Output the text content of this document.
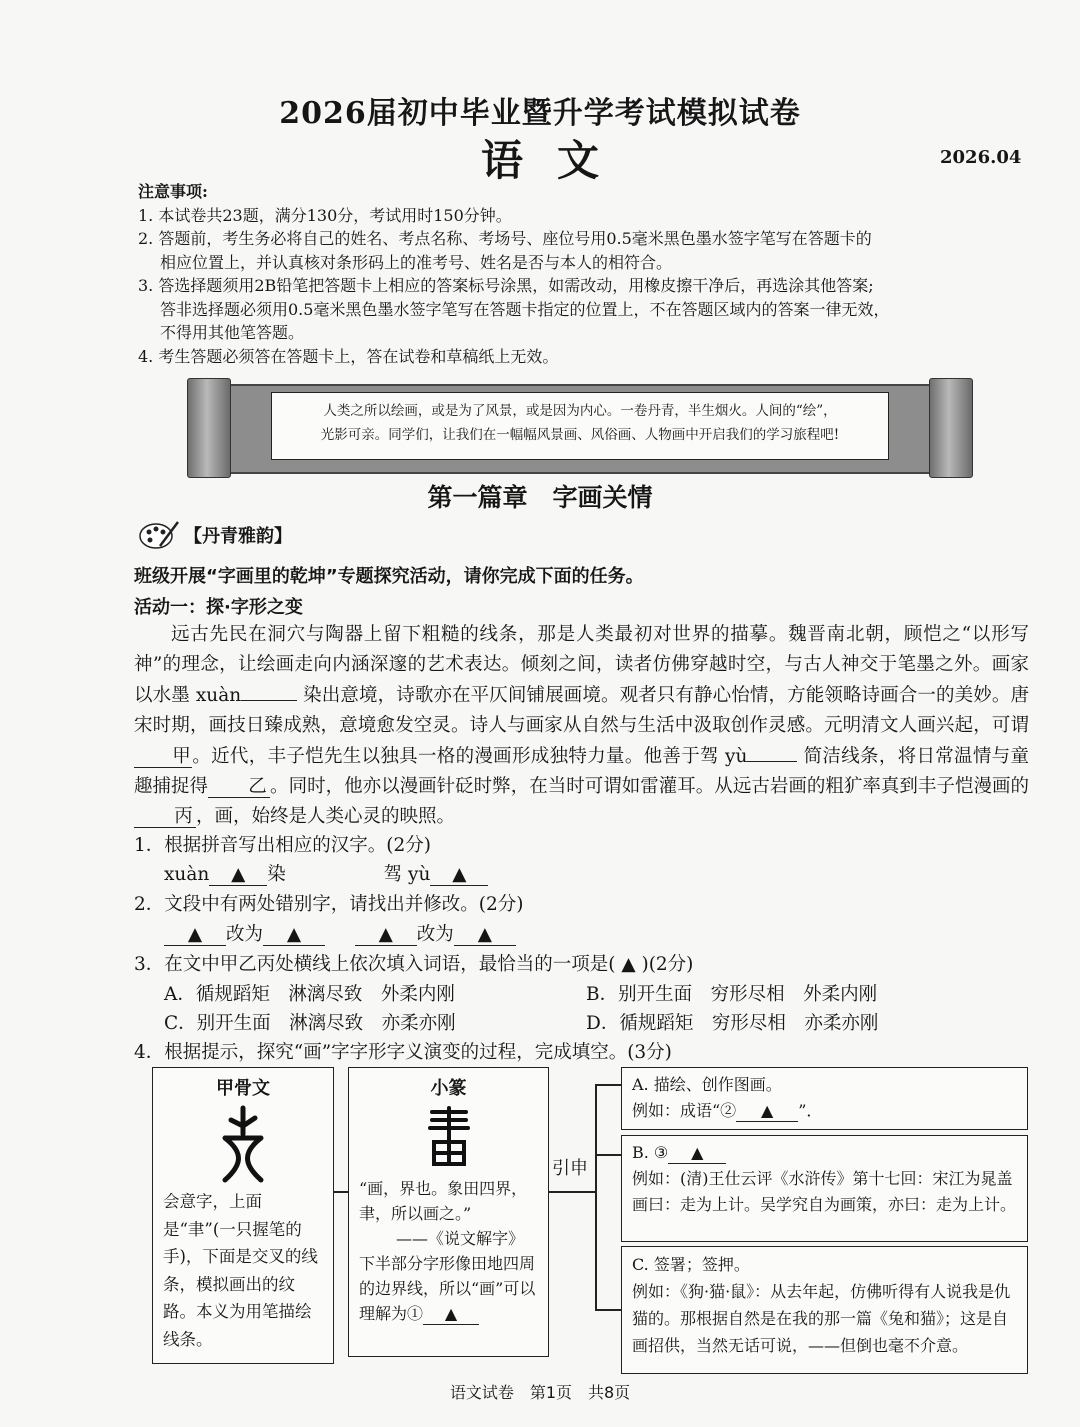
2026届初中毕业暨升学考试模拟试卷
语文	2026.04
注意事项:
1. 本试卷共23题，满分130分，考试用时150分钟。
2. 答题前，考生务必将自己的姓名、考点名称、考场号、座位号用0.5毫米黑色墨水签字笔写在答题卡的
相应位置上，并认真核对条形码上的准考号、姓名是否与本人的相符合。
3. 答选择题须用2B铅笔把答题卡上相应的答案标号涂黑，如需改动，用橡皮擦干净后，再选涂其他答案;
答非选择题必须用0.5毫米黑色墨水签字笔写在答题卡指定的位置上，不在答题区域内的答案一律无效，
不得用其他笔答题。
4. 考生答题必须答在答题卡上，答在试卷和草稿纸上无效。
人类之所以绘画，或是为了风景，或是因为内心。一卷丹青，半生烟火。人间的“绘”，
光影可亲。同学们，让我们在一幅幅风景画、风俗画、人物画中开启我们的学习旅程吧!
第一篇章　字画关情
【丹青雅韵】
班级开展“字画里的乾坤”专题探究活动，请你完成下面的任务。
活动一：探·字形之变

远古先民在洞穴与陶器上留下粗糙的线条，那是人类最初对世界的描摹。魏晋南北朝，顾恺之“以形写神”的理念，让绘画走向内涵深邃的艺术表达。倾刻之间，读者仿佛穿越时空，与古人神交于笔墨之外。画家以水墨 xuàn	染出意境，诗歌亦在平仄间铺展画境。观者只有静心怡情，方能领略诗画合一的美妙。唐宋时期，画技日臻成熟，意境愈发空灵。诗人与画家从自然与生活中汲取创作灵感。元明清文人画兴起，可谓甲。近代，丰子恺先生以独具一格的漫画形成独特力量。他善于驾 yù	简洁线条，将日常温情与童趣捕捉得 乙 。同时，他亦以漫画针砭时弊，在当时可谓如雷灌耳。从远古岩画的粗犷率真到丰子恺漫画的丙 ，画，始终是人类心灵的映照。

1．根据拼音写出相应的汉字。(2分)
xuàn ▲ 染	驾 yù ▲
2．文段中有两处错别字，请找出并修改。(2分)
▲ 改为 ▲	▲ 改为 ▲
3．在文中甲乙丙处横线上依次填入词语，最恰当的一项是( ▲ )(2分)
A．循规蹈矩　淋漓尽致　外柔内刚	B．别开生面　穷形尽相　外柔内刚
C．别开生面　淋漓尽致　亦柔亦刚	D．循规蹈矩　穷形尽相　亦柔亦刚
4．根据提示，探究“画”字字形字义演变的过程，完成填空。(3分)
甲骨文
会意字，上面是“聿”(一只握笔的手)，下面是交叉的线条，模拟画出的纹路。本义为用笔描绘线条。
小篆
“画，界也。象田四界，聿，所以画之。”
——《说文解字》
下半部分字形像田地四周的边界线，所以“画”可以理解为① ▲
引申
A. 描绘、创作图画。
例如：成语“② ▲ ”．
B. ③ ▲
例如：(清)王仕云评《水浒传》第十七回：宋江为晁盖画曰：走为上计。吴学究自为画策，亦曰：走为上计。
C. 签署；签押。
例如：《狗·猫·鼠》：从去年起，仿佛听得有人说我是仇猫的。那根据自然是在我的那一篇《兔和猫》；这是自画招供，当然无话可说，——但倒也毫不介意。
语文试卷　第1页　共8页
